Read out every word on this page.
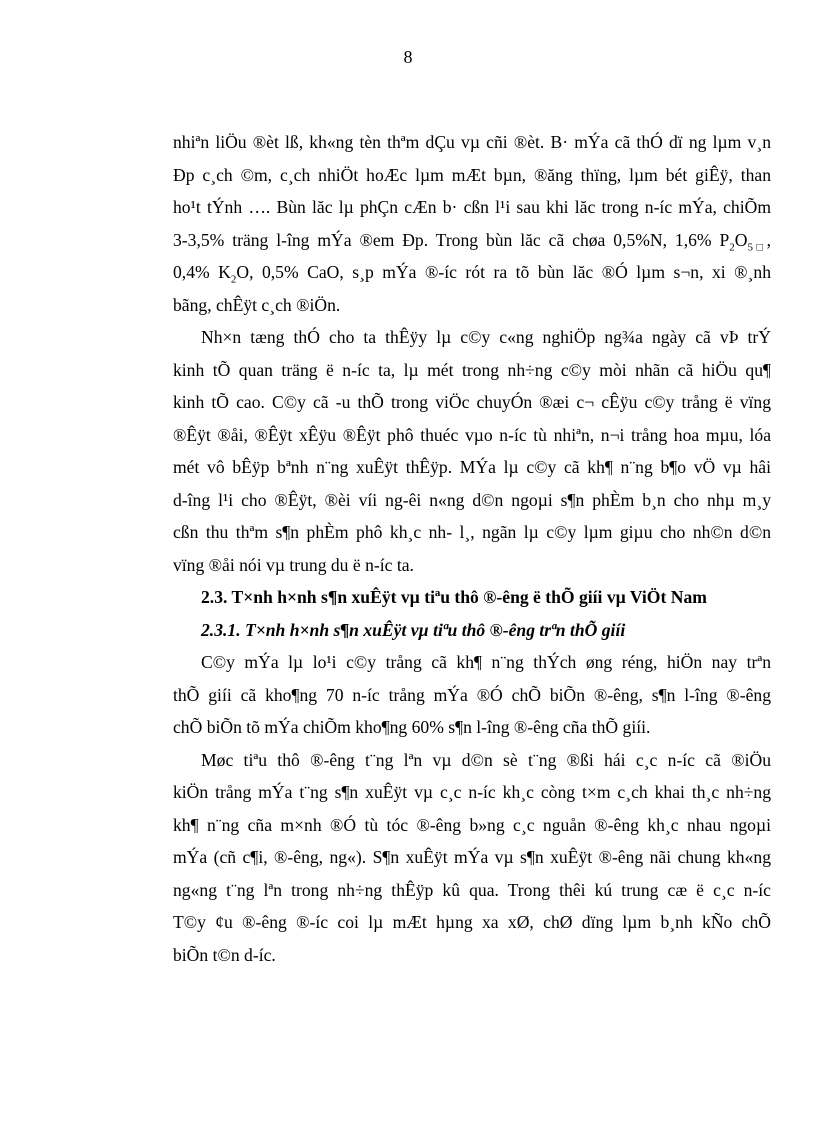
8
nhiªn liÖu ®èt lß, kh«ng tèn thªm dÇu vµ cñi ®èt. B· mÝa cã thÓ dï ng lµm v¸n
Ðp c¸ch ©m, c¸ch nhiÖt hoÆc lµm mÆt bµn, ®ăng thïng, lµm bét giÊÿ, than
ho¹t tÝnh …. Bùn lăc lµ phÇn cÆn b· cßn l¹i sau khi lăc trong n-íc mÝa, chiÕm
3-3,5% träng l-îng mÝa ®em Ðp. Trong bùn lăc cã chøa 0,5%N, 1,6% $P_2O_{5□}$,
0,4% $K_2O$, 0,5% CaO, s¸p mÝa ®-íc rót ra tõ bùn lăc ®Ó lµm s¬n, xi ®¸nh
bãng, chÊÿt c¸ch ®iÖn.
Nh×n tæng thÓ cho ta thÊÿy lµ c©y c«ng nghiÖp ng¾a ngày cã vÞ trÝ
kinh tÕ quan träng ë n-íc ta, lµ mét trong nh÷ng c©y mòi nhãn cã hiÖu qu¶
kinh tÕ cao. C©y cã -u thÕ trong viÖc chuyÓn ®æi c¬ cÊÿu c©y trång ë vïng
®Êÿt ®åi, ®Êÿt xÊÿu ®Êÿt phô thuéc vµo n-íc tù nhiªn, n¬i trång hoa mµu, lóa
mét vô bÊÿp bªnh n¨ng xuÊÿt thÊÿp. MÝa lµ c©y cã kh¶ n¨ng b¶o vÖ vµ hâi
d-îng l¹i cho ®Êÿt, ®èi víi ng-êi n«ng d©n ngoµi s¶n phÈm b¸n cho nhµ m¸y
cßn thu thªm s¶n phÈm phô kh¸c nh- l¸, ngãn lµ c©y lµm giµu cho nh©n d©n
vïng ®åi nói vµ trung du ë n-íc ta.
2.3. T×nh h×nh s¶n xuÊÿt vµ tiªu thô ®-êng ë thÕ giíi vµ ViÖt Nam
2.3.1. T×nh h×nh s¶n xuÊÿt vµ tiªu thô ®-êng trªn thÕ giíi
C©y mÝa lµ lo¹i c©y trång cã kh¶ n¨ng thÝch øng réng, hiÖn nay trªn
thÕ giíi cã kho¶ng 70 n-íc trång mÝa ®Ó chÕ biÕn ®-êng, s¶n l-îng ®-êng
chÕ biÕn tõ mÝa chiÕm kho¶ng 60% s¶n l-îng ®-êng cña thÕ giíi.
Møc tiªu thô ®-êng t¨ng lªn vµ d©n sè t¨ng ®ßi hái c¸c n-íc cã ®iÖu
kiÖn trång mÝa t¨ng s¶n xuÊÿt vµ c¸c n-íc kh¸c còng t×m c¸ch khai th¸c nh÷ng
kh¶ n¨ng cña m×nh ®Ó tù tóc ®-êng b»ng c¸c nguån ®-êng kh¸c nhau ngoµi
mÝa (cñ c¶i, ®-êng, ng«). S¶n xuÊÿt mÝa vµ s¶n xuÊÿt ®-êng nãi chung kh«ng
ng«ng t¨ng lªn trong nh÷ng thÊÿp kû qua. Trong thêi kú trung cæ ë c¸c n-íc
T©y ¢u ®-êng ®-íc coi lµ mÆt hµng xa xØ, chØ dïng lµm b¸nh kÑo chÕ
biÕn t©n d-íc.
